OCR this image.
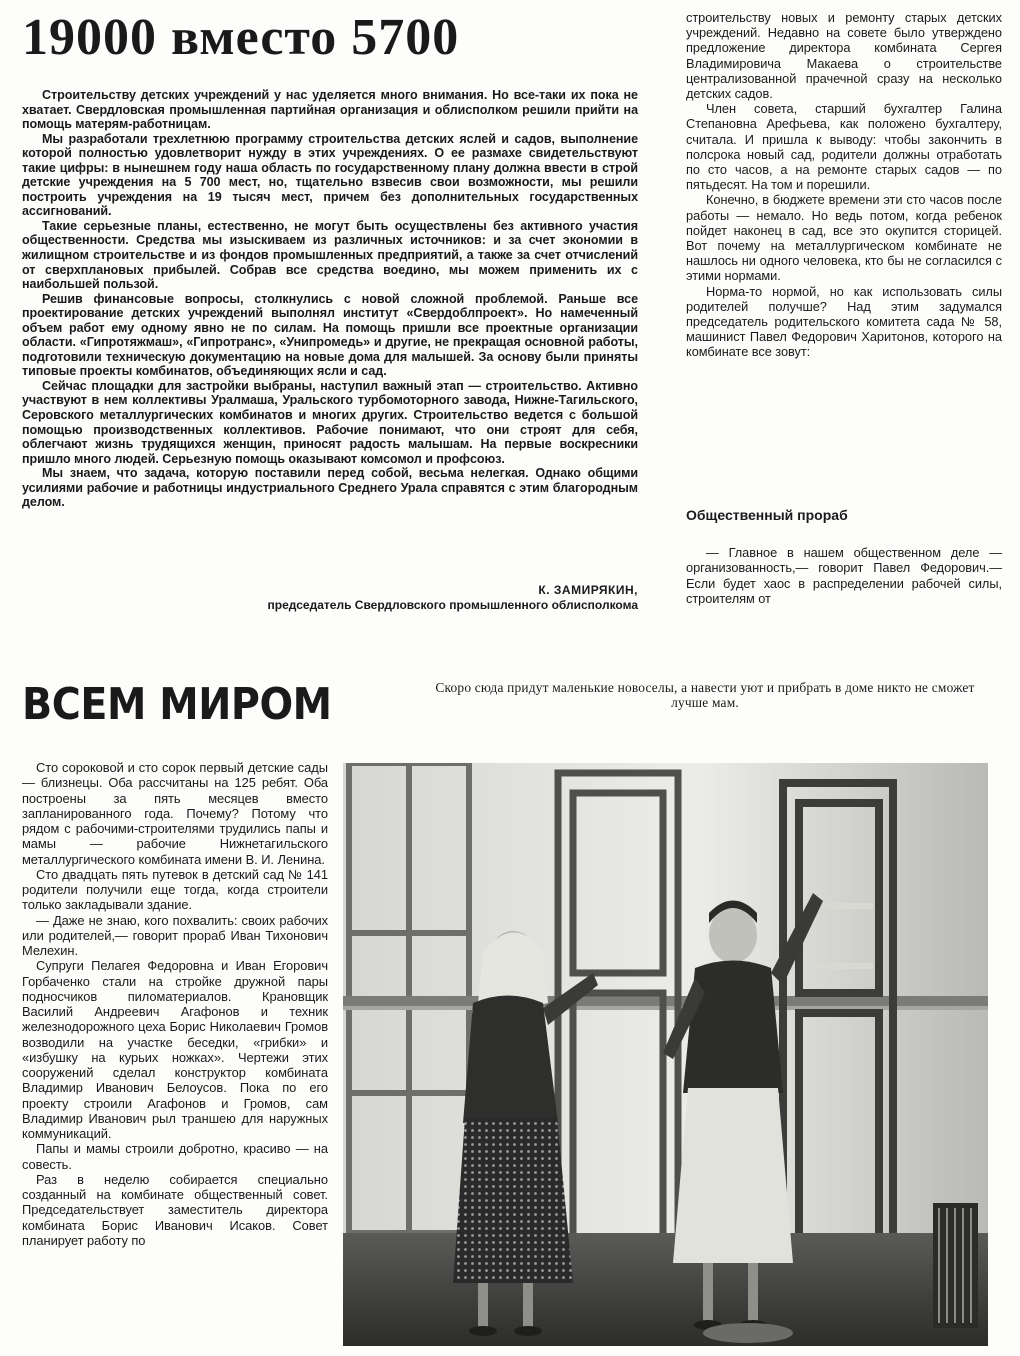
19000 вместо 5700

Строительству детских учреждений у нас уделяется много внимания. Но все-таки их пока не хватает. Свердловская промышленная партийная организация и облисполком решили прийти на помощь матерям-работницам.

Мы разработали трехлетнюю программу строительства детских яслей и садов, выполнение которой полностью удовлетворит нужду в этих учреждениях. О ее размахе свидетельствуют такие цифры: в нынешнем году наша область по государственному плану должна ввести в строй детские учреждения на 5 700 мест, но, тщательно взвесив свои возможности, мы решили построить учреждения на 19 тысяч мест, причем без дополнительных государственных ассигнований.

Такие серьезные планы, естественно, не могут быть осуществлены без активного участия общественности. Средства мы изыскиваем из различных источников: и за счет экономии в жилищном строительстве и из фондов промышленных предприятий, а также за счет отчислений от сверхплановых прибылей. Собрав все средства воедино, мы можем применить их с наибольшей пользой.

Решив финансовые вопросы, столкнулись с новой сложной проблемой. Раньше все проектирование детских учреждений выполнял институт «Свердоблпроект». Но намеченный объем работ ему одному явно не по силам. На помощь пришли все проектные организации области. «Гипротяжмаш», «Гипротранс», «Унипромедь» и другие, не прекращая основной работы, подготовили техническую документацию на новые дома для малышей. За основу были приняты типовые проекты комбинатов, объединяющих ясли и сад.

Сейчас площадки для застройки выбраны, наступил важный этап — строительство. Активно участвуют в нем коллективы Уралмаша, Уральского турбомоторного завода, Нижне-Тагильского, Серовского металлургических комбинатов и многих других. Строительство ведется с большой помощью производственных коллективов. Рабочие понимают, что они строят для себя, облегчают жизнь трудящихся женщин, приносят радость малышам. На первые воскресники пришло много людей. Серьезную помощь оказывают комсомол и профсоюз.

Мы знаем, что задача, которую поставили перед собой, весьма нелегкая. Однако общими усилиями рабочие и работницы индустриального Среднего Урала справятся с этим благородным делом.

К. ЗАМИРЯКИН,
председатель Свердловского промышленного облисполкома

строительству новых и ремонту старых детских учреждений. Недавно на совете было утверждено предложение директора комбината Сергея Владимировича Макаева о строительстве централизованной прачечной сразу на несколько детских садов.

Член совета, старший бухгалтер Галина Степановна Арефьева, как положено бухгалтеру, считала. И пришла к выводу: чтобы закончить в полсрока новый сад, родители должны отработать по сто часов, а на ремонте старых садов — по пятьдесят. На том и порешили.

Конечно, в бюджете времени эти сто часов после работы — немало. Но ведь потом, когда ребенок пойдет наконец в сад, все это окупится сторицей. Вот почему на металлургическом комбинате не нашлось ни одного человека, кто бы не согласился с этими нормами.

Норма-то нормой, но как использовать силы родителей получше? Над этим задумался председатель родительского комитета сада № 58, машинист Павел Федорович Харитонов, которого на комбинате все зовут:

Общественный прораб

— Главное в нашем общественном деле — организованность,— говорит Павел Федорович.— Если будет хаос в распределении рабочей силы, строителям от

ВСЕМ МИРОМ	Скоро сюда придут маленькие новоселы, а навести уют и прибрать в доме никто не сможет лучше мам.

Сто сороковой и сто сорок первый детские сады — близнецы. Оба рассчитаны на 125 ребят. Оба построены за пять месяцев вместо запланированного года. Почему? Потому что рядом с рабочими-строителями трудились папы и мамы — рабочие Нижнетагильского металлургического комбината имени В. И. Ленина.

Сто двадцать пять путевок в детский сад № 141 родители получили еще тогда, когда строители только закладывали здание.

— Даже не знаю, кого похвалить: своих рабочих или родителей,— говорит прораб Иван Тихонович Мелехин.

Супруги Пелагея Федоровна и Иван Егорович Горбаченко стали на стройке дружной пары подносчиков пиломатериалов. Крановщик Василий Андреевич Агафонов и техник железнодорожного цеха Борис Николаевич Громов возводили на участке беседки, «грибки» и «избушку на курьих ножках». Чертежи этих сооружений сделал конструктор комбината Владимир Иванович Белоусов. Пока по его проекту строили Агафонов и Громов, сам Владимир Иванович рыл траншею для наружных коммуникаций.

Папы и мамы строили добротно, красиво — на совесть.

Раз в неделю собирается специально созданный на комбинате общественный совет. Председательствует заместитель директора комбината Борис Иванович Исаков. Совет планирует работу по
